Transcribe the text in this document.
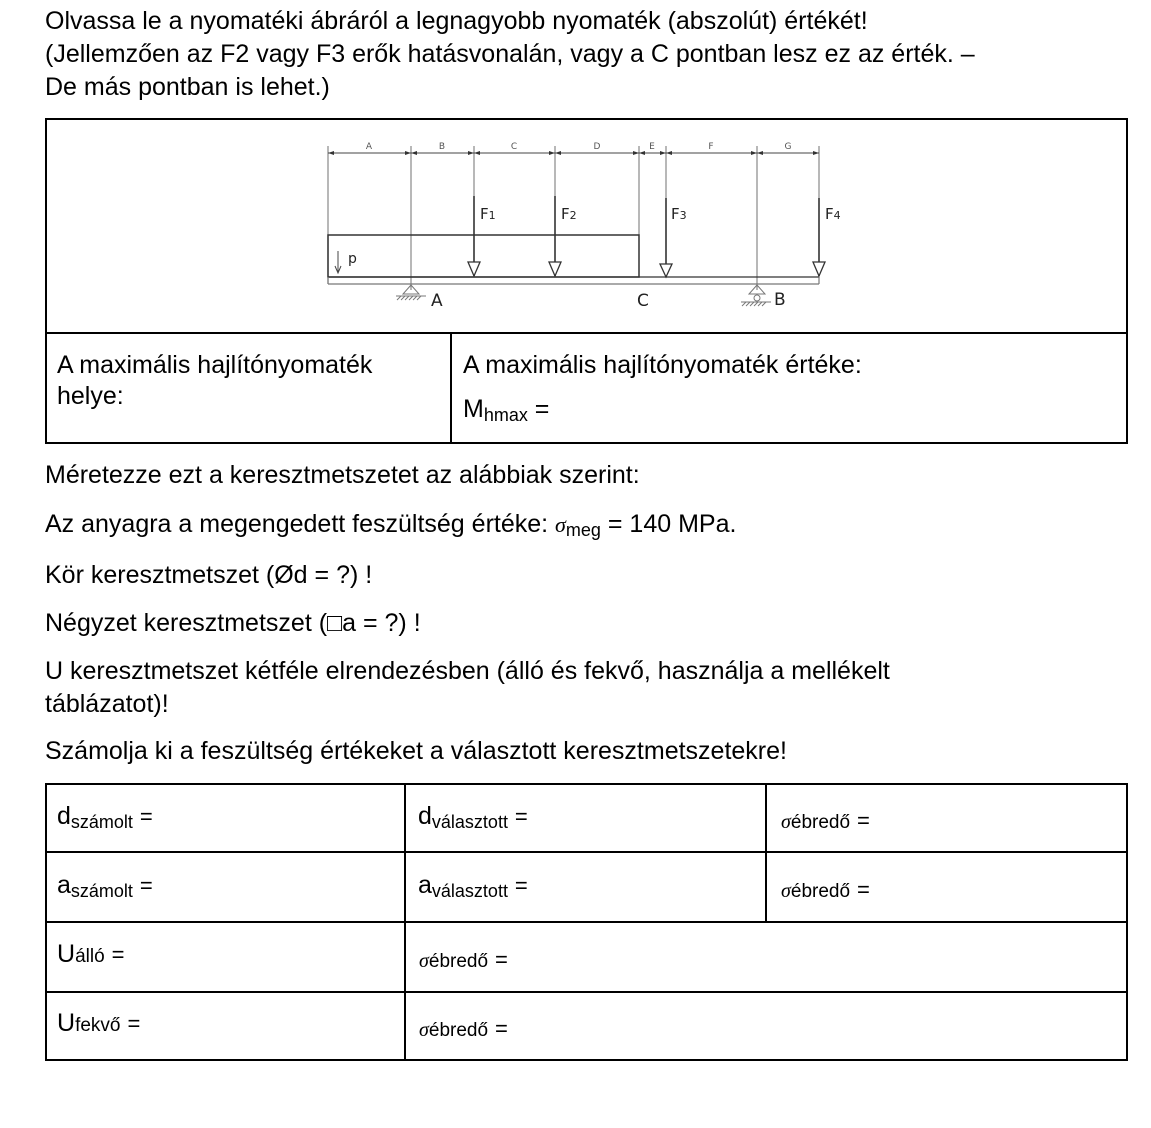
Olvassa le a nyomatéki ábráról a legnagyobb nyomaték (abszolút) értékét!

(Jellemzően az F2 vagy F3 erők hatásvonalán, vagy a C pontban lesz ez az érték. –

De más pontban is lehet.)

A	B	C	D	E	F	G
p
F1	F2	F3	F4
A	C	B
A maximális hajlítónyomaték
helye:
A maximális hajlítónyomaték értéke:
$M_{hmax}$ =

Méretezze ezt a keresztmetszetet az alábbiak szerint:

Az anyagra a megengedett feszültség értéke: $\sigma_{meg} = 140$ MPa.

Kör keresztmetszet (Ød = ?) !

Négyzet keresztmetszet (□a = ?) !

U keresztmetszet kétféle elrendezésben (álló és fekvő, használja a mellékelt

táblázatot)!

Számolja ki a feszültség értékeket a választott keresztmetszetekre!

$d_{számolt}$ =	$d_{választott}$ =	σébredő =
$a_{számolt}$ =	$a_{választott}$ =	σébredő =
Uálló =	σébredő =
Ufekvő =	σébredő =
